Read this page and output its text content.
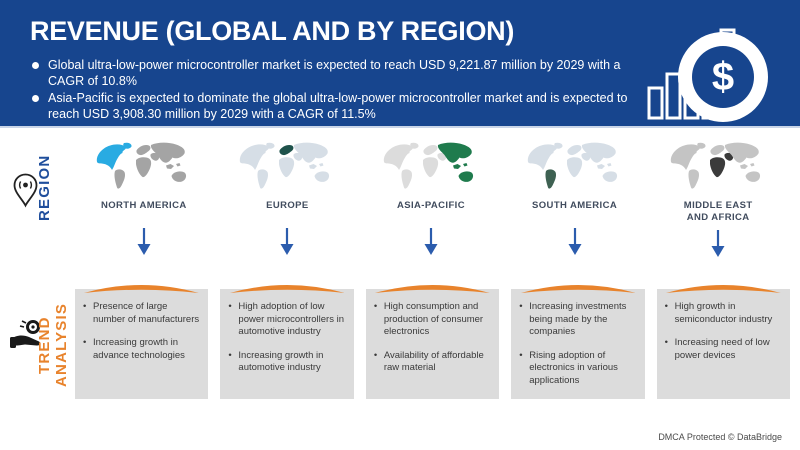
REVENUE (GLOBAL AND BY REGION)
Global ultra-low-power microcontroller market is expected to reach USD 9,221.87 million by 2029 with a CAGR of 10.8%
Asia-Pacific is expected to dominate the global ultra-low-power microcontroller market and is expected to reach USD 3,908.30 million by 2029 with a CAGR of 11.5%
$
REGION	NORTH AMERICA	EUROPE	ASIA-PACIFIC	SOUTH AMERICA	MIDDLE EAST AND AFRICA
TREND ANALYSIS • Presence of large number of manufacturers
• Increasing growth in advance technologies
• High adoption of low power microcontrollers in automotive industry
• Increasing growth in automotive industry
• High consumption and production of consumer electronics
• Availability of affordable raw material
• Increasing investments being made by the companies
• Rising adoption of electronics in various applications
• High growth in semiconductor industry
• Increasing need of low power devices
DMCA Protected © DataBridge
